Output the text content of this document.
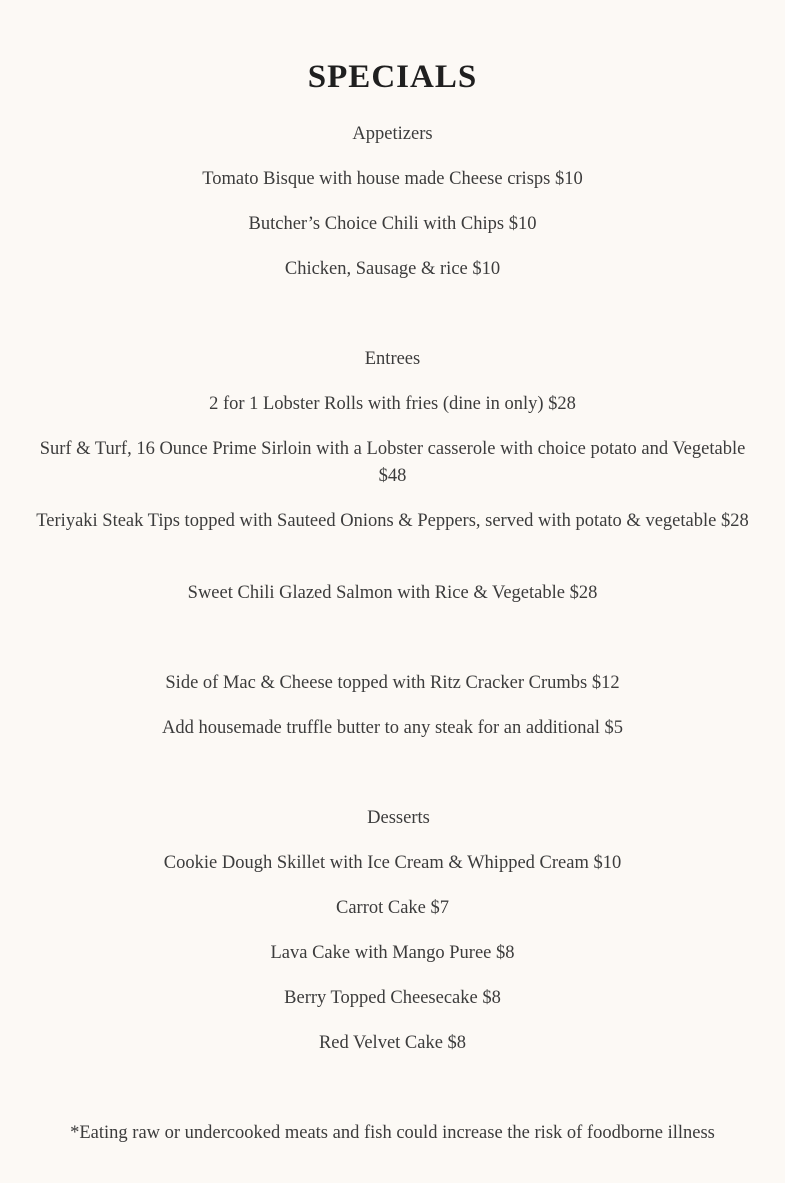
SPECIALS

Appetizers

Tomato Bisque with house made Cheese crisps $10

Butcher’s Choice Chili with Chips $10

Chicken, Sausage & rice $10

Entrees

2 for 1 Lobster Rolls with fries (dine in only) $28

Surf & Turf, 16 Ounce Prime Sirloin with a Lobster casserole with choice potato and Vegetable $48

Teriyaki Steak Tips topped with Sauteed Onions & Peppers, served with potato & vegetable $28

Sweet Chili Glazed Salmon with Rice & Vegetable $28

Side of Mac & Cheese topped with Ritz Cracker Crumbs $12

Add housemade truffle butter to any steak for an additional $5

Desserts

Cookie Dough Skillet with Ice Cream & Whipped Cream $10

Carrot Cake $7

Lava Cake with Mango Puree $8

Berry Topped Cheesecake $8

Red Velvet Cake $8

*Eating raw or undercooked meats and fish could increase the risk of foodborne illness
